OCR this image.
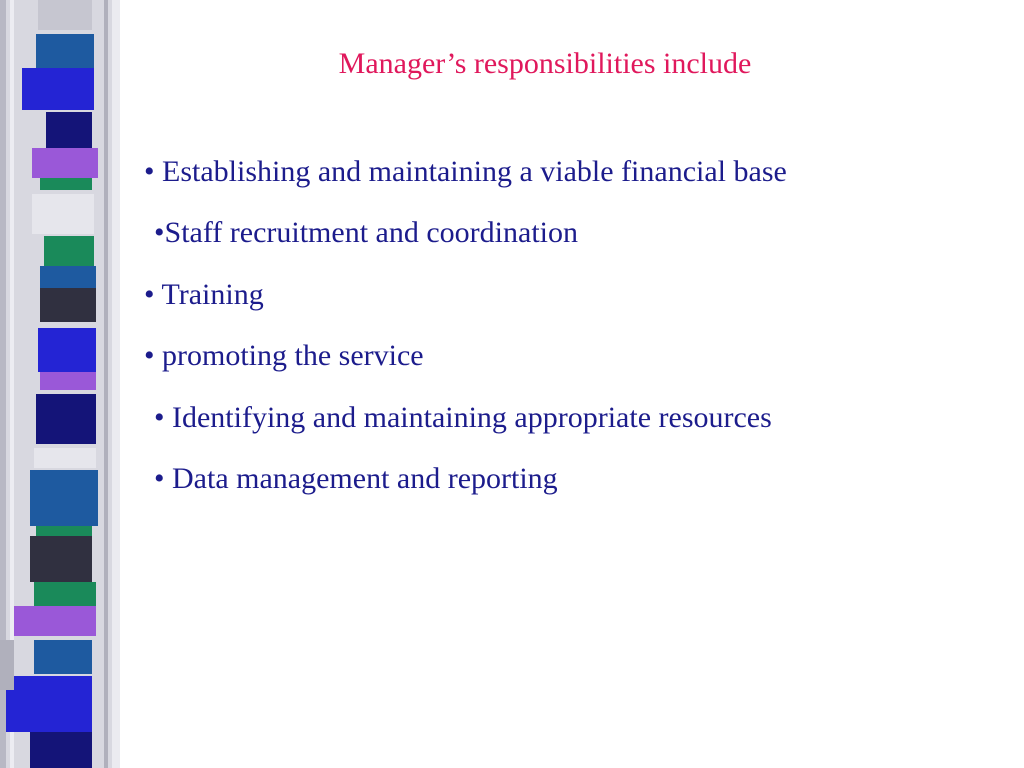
Manager’s responsibilities include
• Establishing and maintaining a viable financial base
•Staff recruitment and coordination
• Training
• promoting the service
• Identifying and maintaining appropriate resources
• Data management and reporting
